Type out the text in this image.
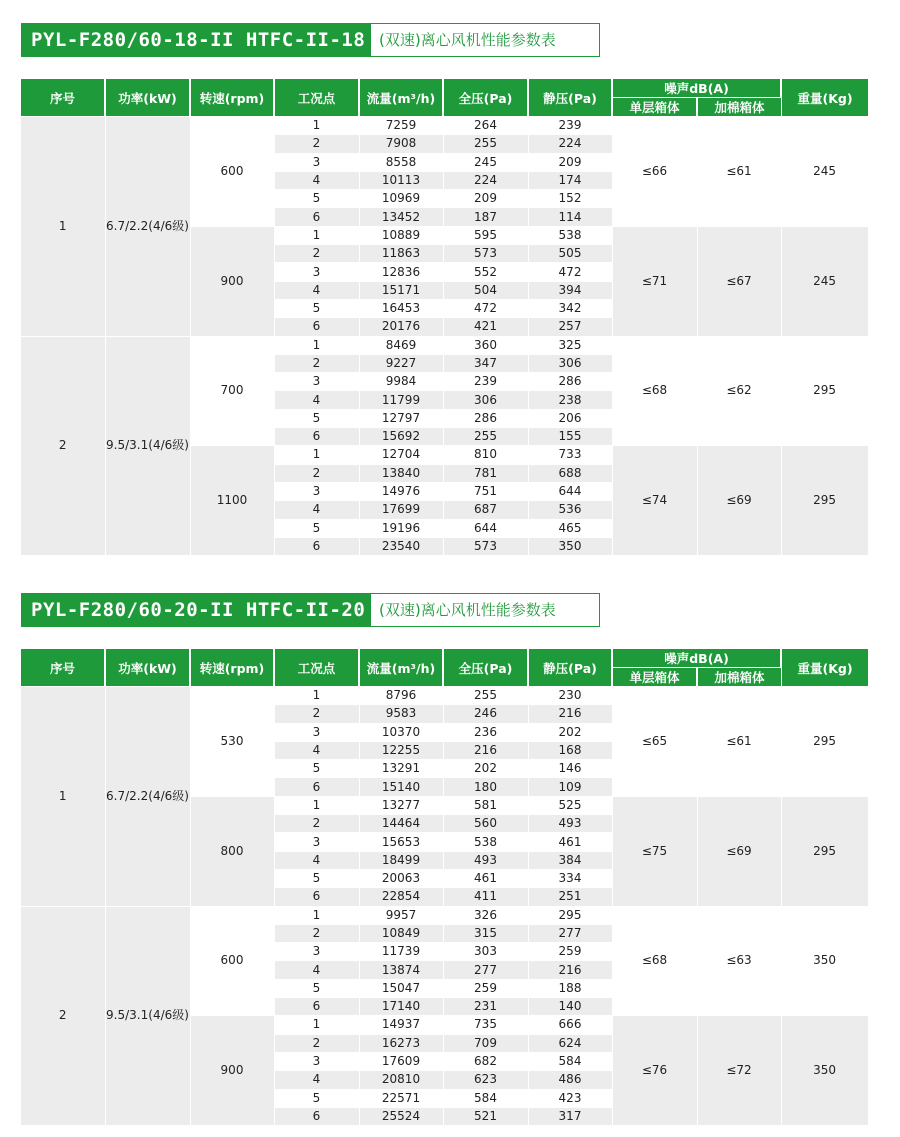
PYL-F280/60-18-II HTFC-II-18 (双速)离心风机性能参数表
序号	功率(kW)	转速(rpm)	工况点	流量(m³/h)	全压(Pa)	静压(Pa)	噪声dB(A)		重量(Kg)
							单层箱体	加棉箱体	
1	6.7/2.2(4/6级)	600	1	7259	264	239	≤66	≤61	245
			2	7908	255	224			
			3	8558	245	209			
			4	10113	224	174			
			5	10969	209	152			
			6	13452	187	114			
		900	1	10889	595	538	≤71	≤67	245
			2	11863	573	505			
			3	12836	552	472			
			4	15171	504	394			
			5	16453	472	342			
			6	20176	421	257			
2	9.5/3.1(4/6级)	700	1	8469	360	325	≤68	≤62	295
			2	9227	347	306			
			3	9984	239	286			
			4	11799	306	238			
			5	12797	286	206			
			6	15692	255	155			
		1100	1	12704	810	733	≤74	≤69	295
			2	13840	781	688			
			3	14976	751	644			
			4	17699	687	536			
			5	19196	644	465			
			6	23540	573	350			
PYL-F280/60-20-II HTFC-II-20 (双速)离心风机性能参数表
序号	功率(kW)	转速(rpm)	工况点	流量(m³/h)	全压(Pa)	静压(Pa)	噪声dB(A)		重量(Kg)
							单层箱体	加棉箱体	
1	6.7/2.2(4/6级)	530	1	8796	255	230	≤65	≤61	295
			2	9583	246	216			
			3	10370	236	202			
			4	12255	216	168			
			5	13291	202	146			
			6	15140	180	109			
		800	1	13277	581	525	≤75	≤69	295
			2	14464	560	493			
			3	15653	538	461			
			4	18499	493	384			
			5	20063	461	334			
			6	22854	411	251			
2	9.5/3.1(4/6级)	600	1	9957	326	295	≤68	≤63	350
			2	10849	315	277			
			3	11739	303	259			
			4	13874	277	216			
			5	15047	259	188			
			6	17140	231	140			
		900	1	14937	735	666	≤76	≤72	350
			2	16273	709	624			
			3	17609	682	584			
			4	20810	623	486			
			5	22571	584	423			
			6	25524	521	317			
